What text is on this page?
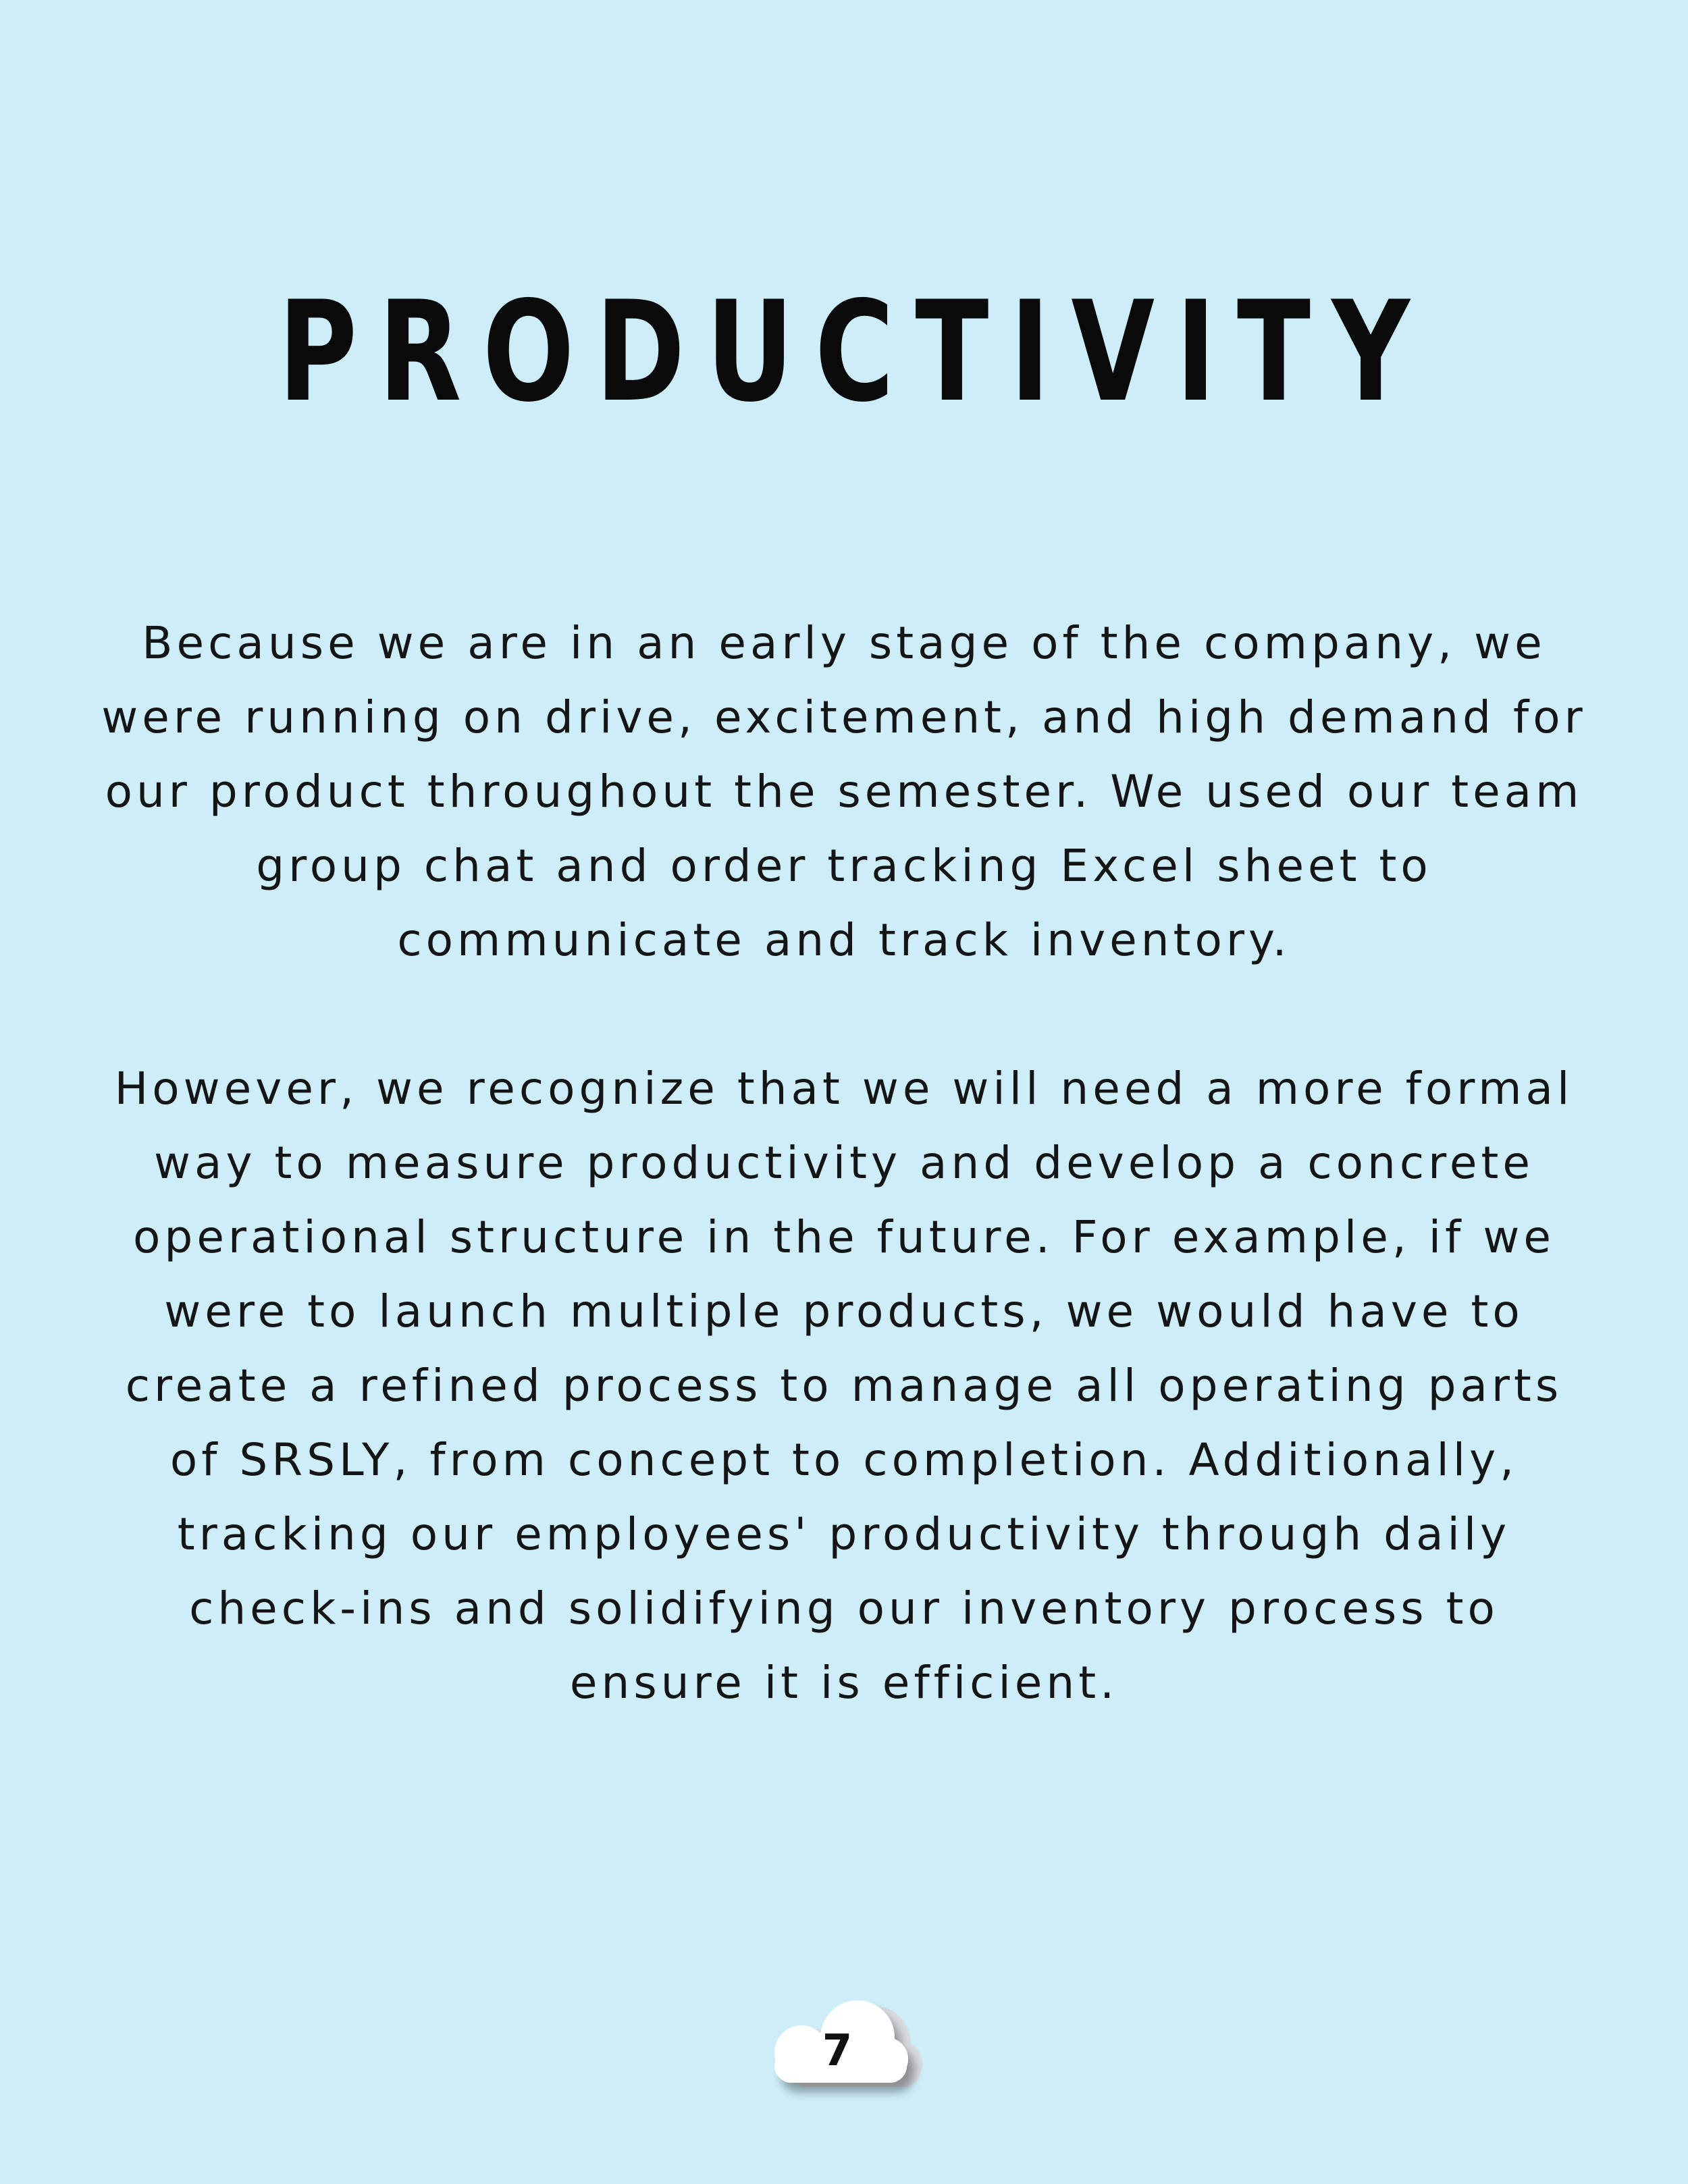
PRODUCTIVITY

Because we are in an early stage of the company, we were running on drive, excitement, and high demand for our product throughout the semester. We used our team group chat and order tracking Excel sheet to communicate and track inventory.

However, we recognize that we will need a more formal way to measure productivity and develop a concrete operational structure in the future. For example, if we were to launch multiple products, we would have to create a refined process to manage all operating parts of SRSLY, from concept to completion. Additionally, tracking our employees' productivity through daily check-ins and solidifying our inventory process to ensure it is efficient.

7
